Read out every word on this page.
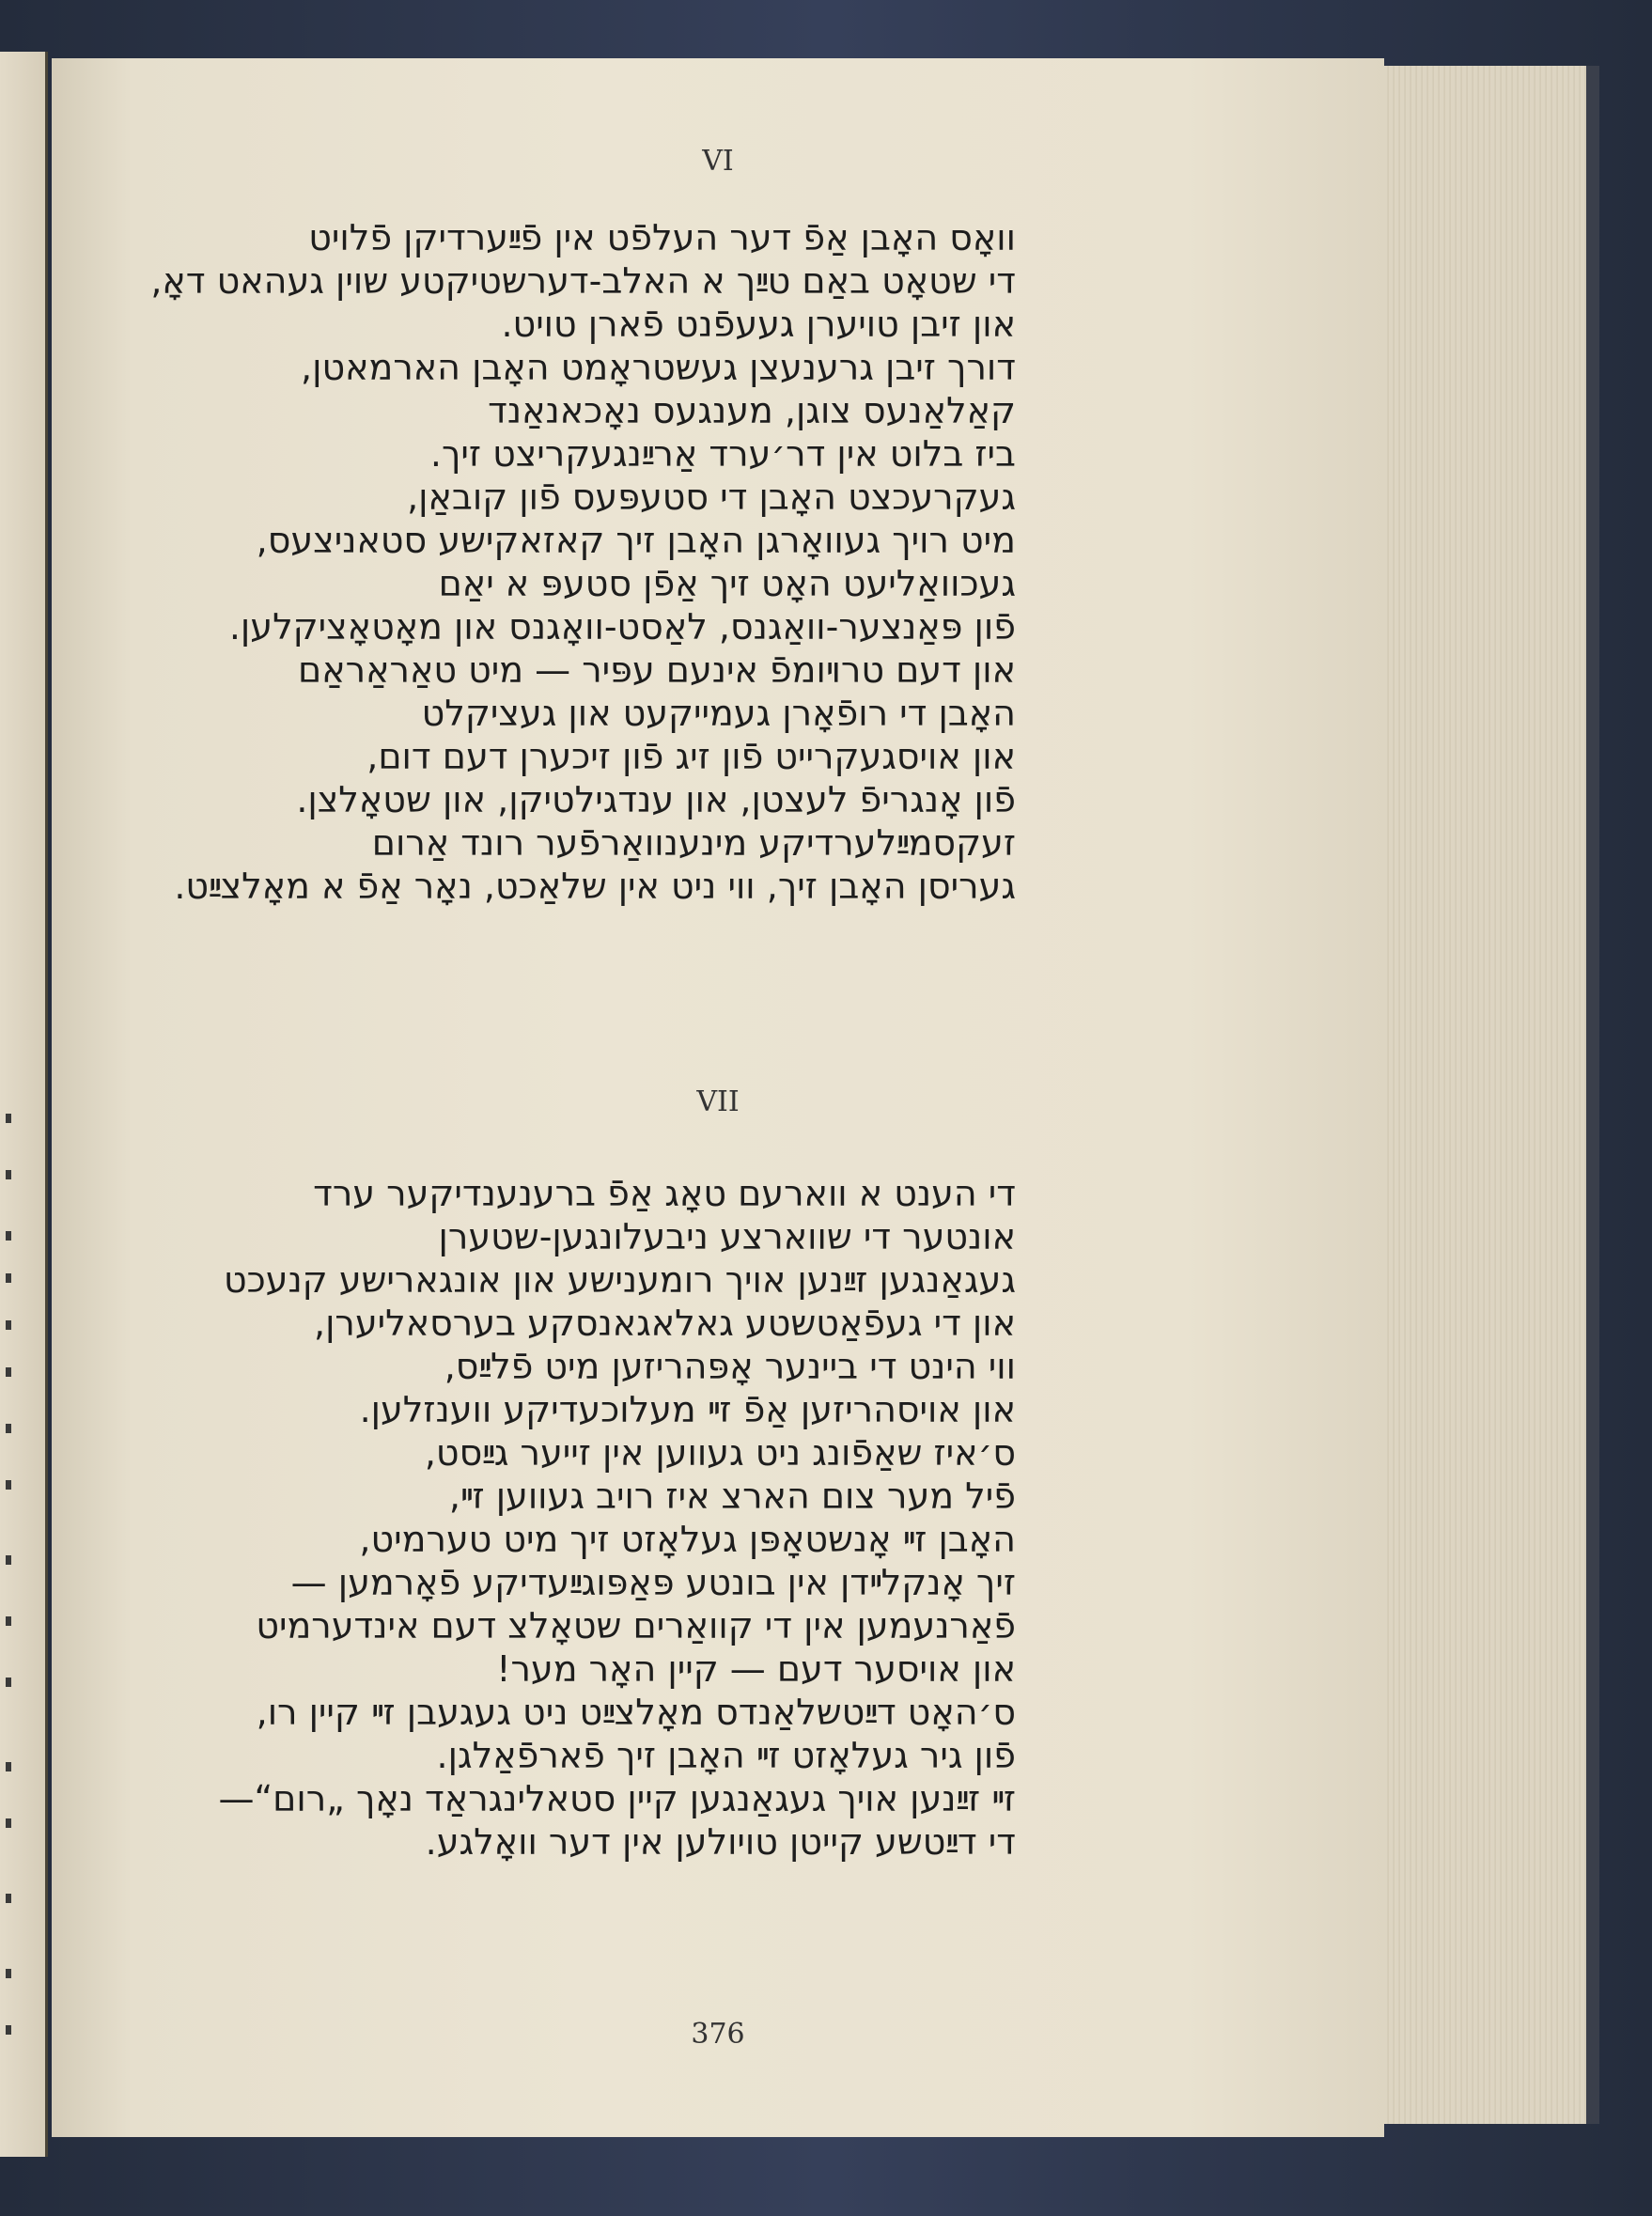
VI
וואָס האָבן אַפֿ דער העלפֿט אין פֿײַערדיקן פֿלויט
די שטאָט באַם טײַך א האלב-דערשטיקטע שוין געהאט דאָ,
און זיבן טויערן געעפֿנט פֿארן טויט.
דורך זיבן גרענעצן געשטראָמט האָבן הארמאטן,
קאַלאַנעס צוגן, מענגעס נאָכאנאַנד
ביז בלוט אין דר׳ערד אַרײַנגעקריצט זיך.
געקרעכצט האָבן די סטעפּעס פֿון קובאַן,
מיט רויך געוואָרגן האָבן זיך קאזאקישע סטאניצעס,
געכוואַליעט האָט זיך אַפֿן סטעפּ א יאַם
פֿון פּאַנצער-וואַגנס, לאַסט-וואָגנס און מאָטאָציקלען.
און דעם טרױומפֿ אינעם עפּיר — מיט טאַראַראַם
האָבן די רופֿאָרן געמייקעט און געציקלט
און אויסגעקרייט פֿון זיג פֿון זיכערן דעם דום,
פֿון אָנגריפֿ לעצטן, און ענדגילטיקן, און שטאָלצן.
זעקסמײַלערדיקע מינענוואַרפֿער רונד אַרום
געריסן האָבן זיך, ווי ניט אין שלאַכט, נאָר אַפֿ א מאָלצײַט.
VII
די הענט א ווארעם טאָג אַפֿ ברענענדיקער ערד
אונטער די שווארצע ניבעלונגען-שטערן
געגאַנגען זײַנען אויך רומענישע און אונגארישע קנעכט
און די געפֿאַטשטע גאלאגאנסקע בערסאליערן,
ווי הינט די ביינער אָפּהריזען מיט פֿלײַס,
און אויסהריזען אַפֿ זײ מעלוכעדיקע ווענזלען.
ס׳איז שאַפֿונג ניט געווען אין זייער גײַסט,
פֿיל מער צום הארצ איז רויב געווען זײ,
האָבן זײ אָנשטאָפּן געלאָזט זיך מיט טערמיט,
זיך אָנקלײדן אין בונטע פּאַפּוגײַעדיקע פֿאָרמען —
פֿאַרנעמען אין די קוואַרים שטאָלצ דעם אינדערמיט
און אויסער דעם — קיין האָר מער!
ס׳האָט דײַטשלאַנדס מאָלצײַט ניט געגעבן זײ קיין רו,
פֿון גיר געלאָזט זײ האָבן זיך פֿארפֿאַלגן.
זײ זײַנען אויך געגאַנגען קיין סטאלינגראַד נאָך „רום“—
די דײַטשע קייטן טויולען אין דער וואָלגע.
376
